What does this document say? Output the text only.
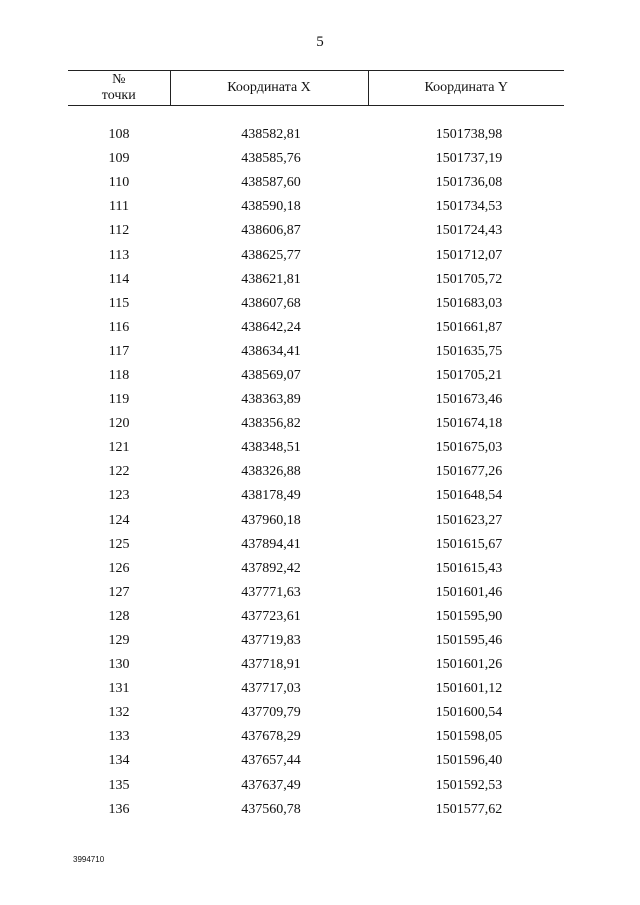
5
№
точки	Координата X	Координата Y

108	438582,81	1501738,98
109	438585,76	1501737,19
110	438587,60	1501736,08
111	438590,18	1501734,53
112	438606,87	1501724,43
113	438625,77	1501712,07
114	438621,81	1501705,72
115	438607,68	1501683,03
116	438642,24	1501661,87
117	438634,41	1501635,75
118	438569,07	1501705,21
119	438363,89	1501673,46
120	438356,82	1501674,18
121	438348,51	1501675,03
122	438326,88	1501677,26
123	438178,49	1501648,54
124	437960,18	1501623,27
125	437894,41	1501615,67
126	437892,42	1501615,43
127	437771,63	1501601,46
128	437723,61	1501595,90
129	437719,83	1501595,46
130	437718,91	1501601,26
131	437717,03	1501601,12
132	437709,79	1501600,54
133	437678,29	1501598,05
134	437657,44	1501596,40
135	437637,49	1501592,53
136	437560,78	1501577,62
3994710
